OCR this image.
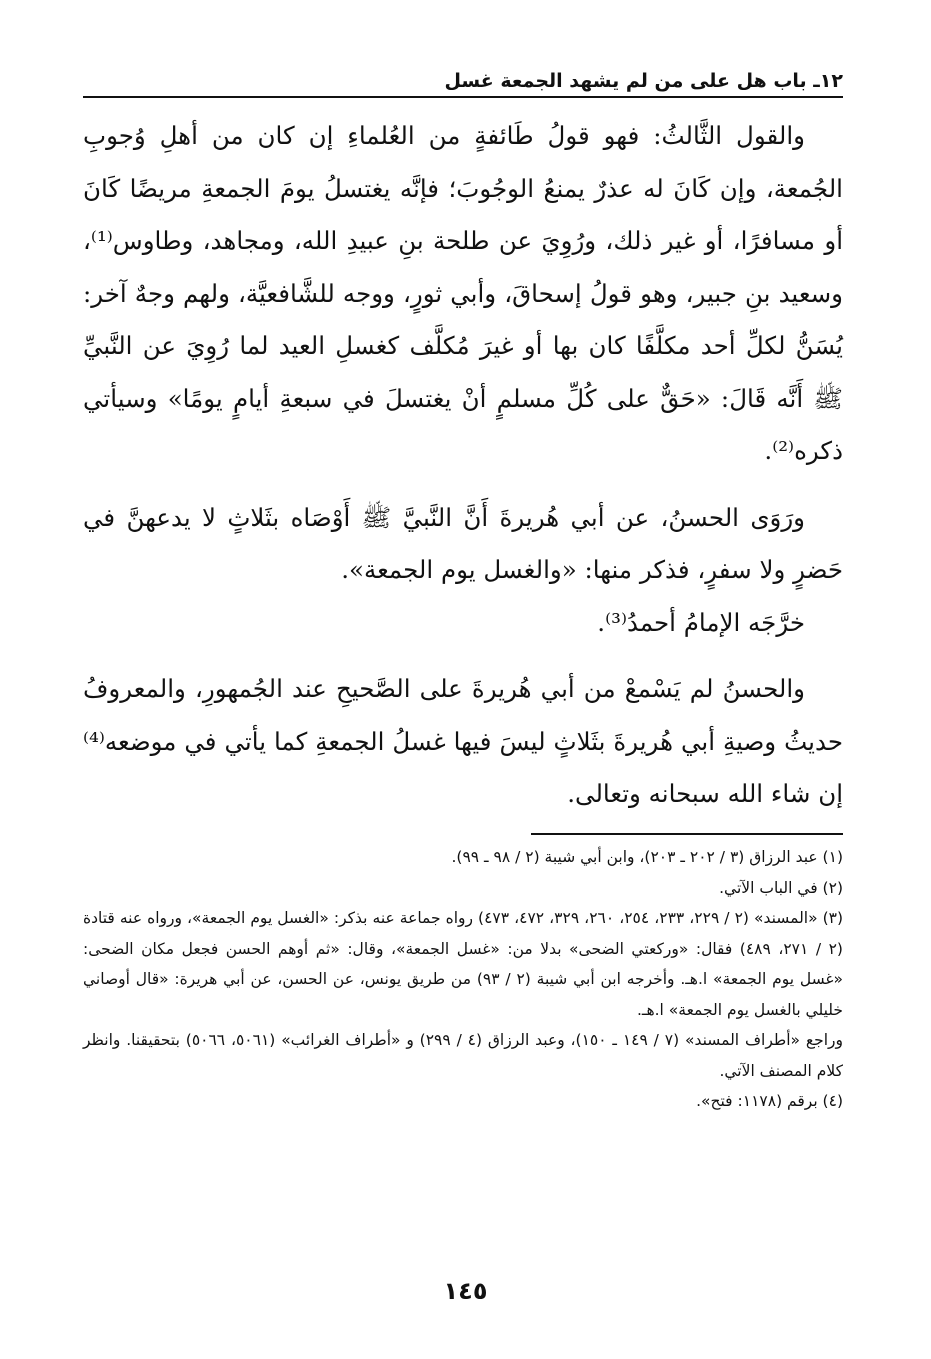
١٢ـ باب هل على من لم يشهد الجمعة غسل

والقول الثَّالثُ: فهو قولُ طَائفةٍ من العُلماءِ إن كان من أهلِ وُجوبِ الجُمعة، وإن كَانَ له عذرٌ يمنعُ الوجُوبَ؛ فإنَّه يغتسلُ يومَ الجمعةِ مريضًا كَانَ أو مسافرًا، أو غير ذلك، ورُوِيَ عن طلحة بنِ عبيدِ الله، ومجاهد، وطاوس⁽¹⁾، وسعيد بنِ جبير، وهو قولُ إسحاقَ، وأبي ثورٍ، ووجه للشَّافعيَّة، ولهم وجهٌ آخر: يُسَنُّ لكلِّ أحد مكلَّفًا كان بها أو غيرَ مُكلَّف كغسلِ العيد لما رُوِيَ عن النَّبيِّ ﷺ أَنَّه قَالَ: «حَقٌّ على كُلِّ مسلمٍ أنْ يغتسلَ في سبعةِ أيامٍ يومًا» وسيأتي ذكره⁽²⁾.

ورَوَى الحسنُ، عن أبي هُريرةَ أَنَّ النَّبيَّ ﷺ أَوْصَاه بثَلاثٍ لا يدعهنَّ في حَضرٍ ولا سفرٍ، فذكر منها: «والغسل يوم الجمعة».

خرَّجَه الإمامُ أحمدُ⁽³⁾.

والحسنُ لم يَسْمعْ من أبي هُريرةَ على الصَّحيحِ عند الجُمهورِ، والمعروفُ حديثُ وصيةِ أبي هُريرةَ بثَلاثٍ ليسَ فيها غسلُ الجمعةِ كما يأتي في موضعه⁽⁴⁾ إن شاء الله سبحانه وتعالى.

(١) عبد الرزاق (٣ / ٢٠٢ ـ ٢٠٣)، وابن أبي شيبة (٢ / ٩٨ ـ ٩٩).

(٢) في الباب الآتي.

(٣) «المسند» (٢ / ٢٢٩، ٢٣٣، ٢٥٤، ٢٦٠، ٣٢٩، ٤٧٢، ٤٧٣) رواه جماعة عنه بذكر: «الغسل يوم الجمعة»، ورواه عنه قتادة (٢ / ٢٧١، ٤٨٩) فقال: «وركعتي الضحى» بدلا من: «غسل الجمعة»، وقال: «ثم أوهم الحسن فجعل مكان الضحى: «غسل يوم الجمعة» ا.هـ. وأخرجه ابن أبي شيبة (٢ / ٩٣) من طريق يونس، عن الحسن، عن أبي هريرة: «قال أوصاني خليلي بالغسل يوم الجمعة» ا.هـ.

وراجع «أطراف المسند» (٧ / ١٤٩ ـ ١٥٠)، وعبد الرزاق (٤ / ٢٩٩) و «أطراف الغرائب» (٥٠٦١، ٥٠٦٦) بتحقيقنا. وانظر كلام المصنف الآتي.

(٤) برقم (١١٧٨: فتح».

١٤٥
